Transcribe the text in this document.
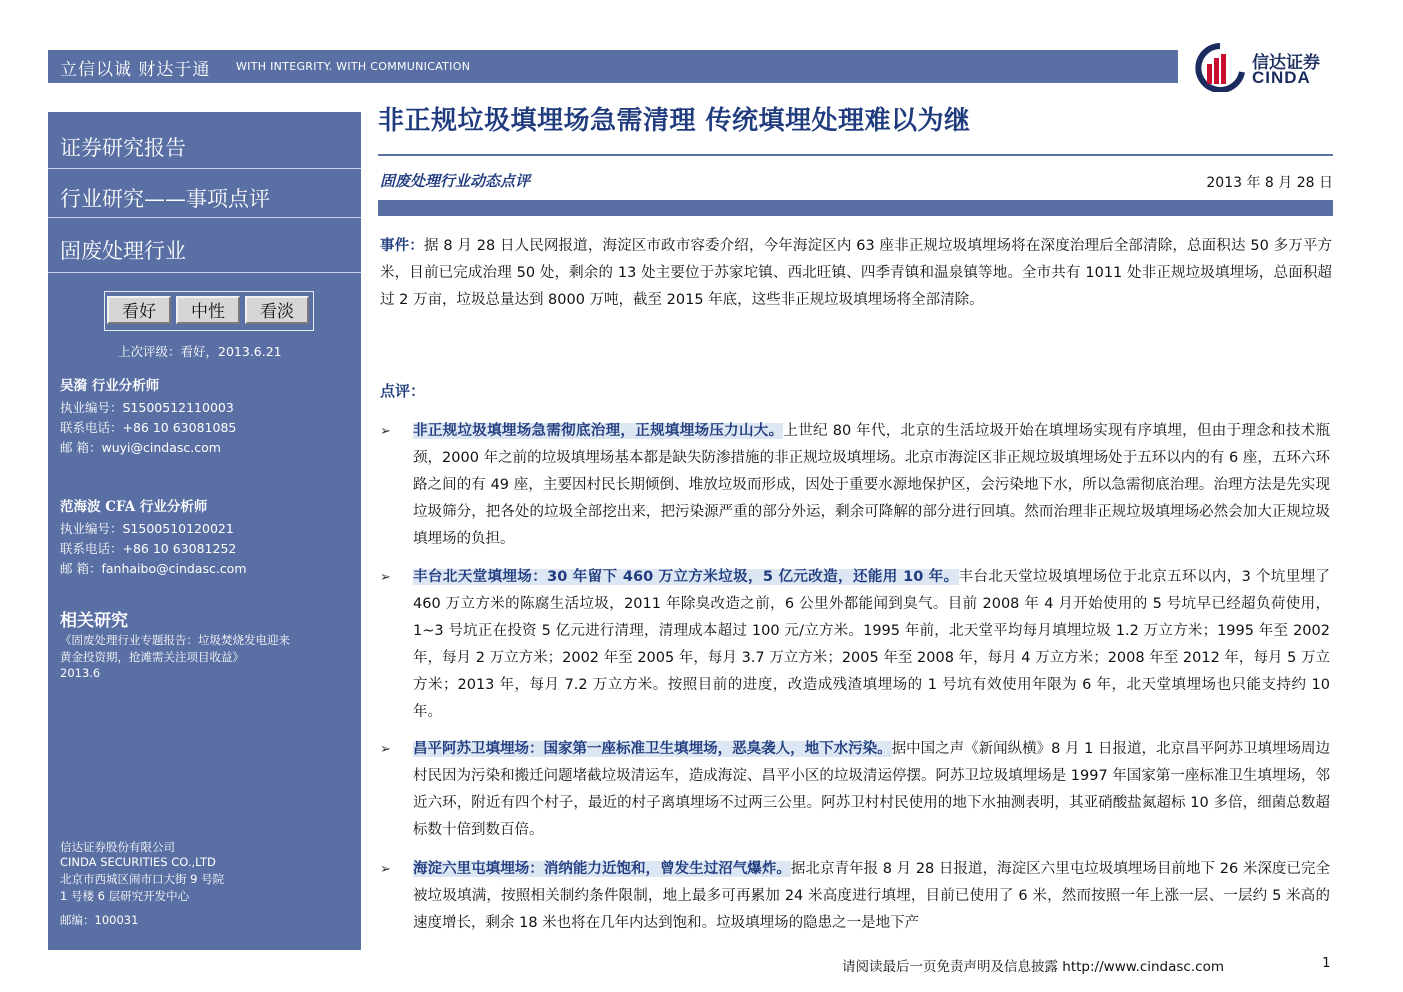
立信以诚 财达于通 WITH INTEGRITY. WITH COMMUNICATION	信达证券
CINDA
证券研究报告
行业研究——事项点评
固废处理行业
看好	中性	看淡
上次评级：看好，2013.6.21
吴漪 行业分析师
执业编号：S1500512110003
联系电话：+86 10 63081085
邮 箱：wuyi@cindasc.com
范海波 CFA 行业分析师
执业编号：S1500510120021
联系电话：+86 10 63081252
邮 箱：fanhaibo@cindasc.com
相关研究
《固废处理行业专题报告：垃圾焚烧发电迎来
黄金投资期，抢滩需关注项目收益》
2013.6
信达证券股份有限公司
CINDA SECURITIES CO.,LTD
北京市西城区闹市口大街 9 号院
1 号楼 6 层研究开发中心
邮编：100031
非正规垃圾填埋场急需清理 传统填埋处理难以为继
固废处理行业动态点评	2013 年 8 月 28 日
事件：据 8 月 28 日人民网报道，海淀区市政市容委介绍，今年海淀区内 63 座非正规垃圾填埋场将在深度治理后全部清除，总面积达 50 多万平方米，目前已完成治理 50 处，剩余的 13 处主要位于苏家坨镇、西北旺镇、四季青镇和温泉镇等地。全市共有 1011 处非正规垃圾填埋场，总面积超过 2 万亩，垃圾总量达到 8000 万吨，截至 2015 年底，这些非正规垃圾填埋场将全部清除。
点评：
➢ 非正规垃圾填埋场急需彻底治理，正规填埋场压力山大。上世纪 80 年代，北京的生活垃圾开始在填埋场实现有序填埋，但由于理念和技术瓶颈，2000 年之前的垃圾填埋场基本都是缺失防渗措施的非正规垃圾填埋场。北京市海淀区非正规垃圾填埋场处于五环以内的有 6 座，五环六环路之间的有 49 座，主要因村民长期倾倒、堆放垃圾而形成，因处于重要水源地保护区，会污染地下水，所以急需彻底治理。治理方法是先实现垃圾筛分，把各处的垃圾全部挖出来，把污染源严重的部分外运，剩余可降解的部分进行回填。然而治理非正规垃圾填埋场必然会加大正规垃圾填埋场的负担。
➢ 丰台北天堂填埋场：30 年留下 460 万立方米垃圾，5 亿元改造，还能用 10 年。丰台北天堂垃圾填埋场位于北京五环以内，3 个坑里埋了 460 万立方米的陈腐生活垃圾，2011 年除臭改造之前，6 公里外都能闻到臭气。目前 2008 年 4 月开始使用的 5 号坑早已经超负荷使用，1~3 号坑正在投资 5 亿元进行清理，清理成本超过 100 元/立方米。1995 年前，北天堂平均每月填埋垃圾 1.2 万立方米；1995 年至 2002 年，每月 2 万立方米；2002 年至 2005 年，每月 3.7 万立方米；2005 年至 2008 年，每月 4 万立方米；2008 年至 2012 年，每月 5 万立方米；2013 年，每月 7.2 万立方米。按照目前的进度，改造成残渣填埋场的 1 号坑有效使用年限为 6 年，北天堂填埋场也只能支持约 10 年。
➢ 昌平阿苏卫填埋场：国家第一座标准卫生填埋场，恶臭袭人，地下水污染。据中国之声《新闻纵横》8 月 1 日报道，北京昌平阿苏卫填埋场周边村民因为污染和搬迁问题堵截垃圾清运车，造成海淀、昌平小区的垃圾清运停摆。阿苏卫垃圾填埋场是 1997 年国家第一座标准卫生填埋场，邻近六环，附近有四个村子，最近的村子离填埋场不过两三公里。阿苏卫村村民使用的地下水抽测表明，其亚硝酸盐氮超标 10 多倍，细菌总数超标数十倍到数百倍。
➢ 海淀六里屯填埋场：消纳能力近饱和，曾发生过沼气爆炸。据北京青年报 8 月 28 日报道，海淀区六里屯垃圾填埋场目前地下 26 米深度已完全被垃圾填满，按照相关制约条件限制，地上最多可再累加 24 米高度进行填埋，目前已使用了 6 米，然而按照一年上涨一层、一层约 5 米高的速度增长，剩余 18 米也将在几年内达到饱和。垃圾填埋场的隐患之一是地下产
请阅读最后一页免责声明及信息披露 http://www.cindasc.com	1
